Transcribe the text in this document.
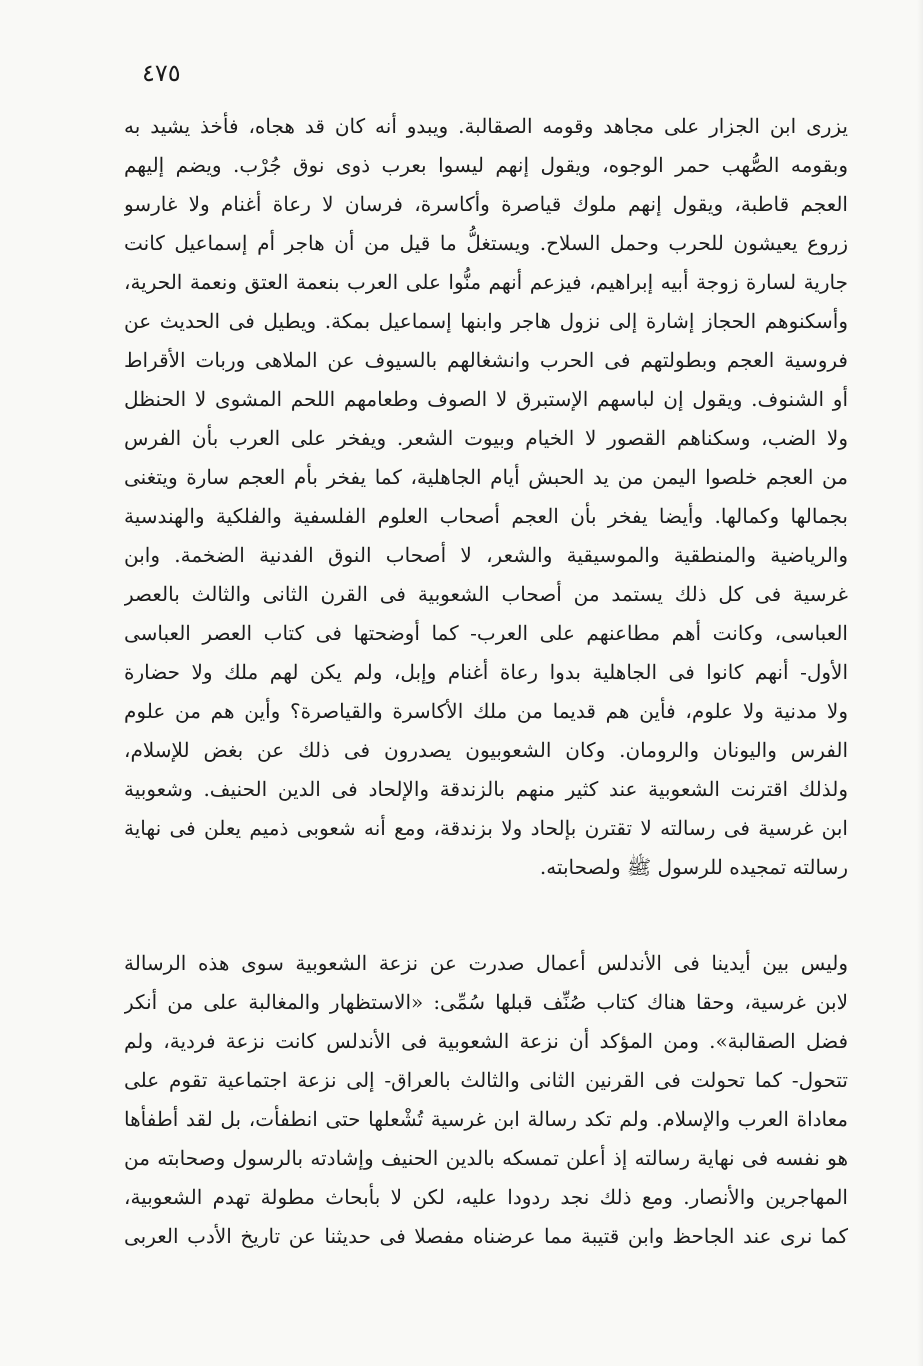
٤٧٥
يزرى ابن الجزار على مجاهد وقومه الصقالبة. ويبدو أنه كان قد هجاه، فأخذ يشيد به
وبقومه الصُّهب حمر الوجوه، ويقول إنهم ليسوا بعرب ذوى نوق جُرْب. ويضم إليهم
العجم قاطبة، ويقول إنهم ملوك قياصرة وأكاسرة، فرسان لا رعاة أغنام ولا غارسو
زروع يعيشون للحرب وحمل السلاح. ويستغلُّ ما قيل من أن هاجر أم إسماعيل كانت
جارية لسارة زوجة أبيه إبراهيم، فيزعم أنهم منُّوا على العرب بنعمة العتق ونعمة الحرية،
وأسكنوهم الحجاز إشارة إلى نزول هاجر وابنها إسماعيل بمكة. ويطيل فى الحديث عن
فروسية العجم وبطولتهم فى الحرب وانشغالهم بالسيوف عن الملاهى وربات الأقراط
أو الشنوف. ويقول إن لباسهم الإستبرق لا الصوف وطعامهم اللحم المشوى لا الحنظل
ولا الضب، وسكناهم القصور لا الخيام وبيوت الشعر. ويفخر على العرب بأن الفرس
من العجم خلصوا اليمن من يد الحبش أيام الجاهلية، كما يفخر بأم العجم سارة ويتغنى
بجمالها وكمالها. وأيضا يفخر بأن العجم أصحاب العلوم الفلسفية والفلكية والهندسية
والرياضية والمنطقية والموسيقية والشعر، لا أصحاب النوق الفدنية الضخمة. وابن
غرسية فى كل ذلك يستمد من أصحاب الشعوبية فى القرن الثانى والثالث بالعصر
العباسى، وكانت أهم مطاعنهم على العرب- كما أوضحتها فى كتاب العصر العباسى
الأول- أنهم كانوا فى الجاهلية بدوا رعاة أغنام وإبل، ولم يكن لهم ملك ولا حضارة
ولا مدنية ولا علوم، فأين هم قديما من ملك الأكاسرة والقياصرة؟ وأين هم من علوم
الفرس واليونان والرومان. وكان الشعوبيون يصدرون فى ذلك عن بغض للإسلام،
ولذلك اقترنت الشعوبية عند كثير منهم بالزندقة والإلحاد فى الدين الحنيف. وشعوبية
ابن غرسية فى رسالته لا تقترن بإلحاد ولا بزندقة، ومع أنه شعوبى ذميم يعلن فى نهاية
رسالته تمجيده للرسول ﷺ ولصحابته.
وليس بين أيدينا فى الأندلس أعمال صدرت عن نزعة الشعوبية سوى هذه الرسالة
لابن غرسية، وحقا هناك كتاب صُنِّف قبلها سُمِّى: «الاستظهار والمغالبة على من أنكر
فضل الصقالبة». ومن المؤكد أن نزعة الشعوبية فى الأندلس كانت نزعة فردية، ولم
تتحول- كما تحولت فى القرنين الثانى والثالث بالعراق- إلى نزعة اجتماعية تقوم على
معاداة العرب والإسلام. ولم تكد رسالة ابن غرسية تُشْعلها حتى انطفأت، بل لقد أطفأها
هو نفسه فى نهاية رسالته إذ أعلن تمسكه بالدين الحنيف وإشادته بالرسول وصحابته من
المهاجرين والأنصار. ومع ذلك نجد ردودا عليه، لكن لا بأبحاث مطولة تهدم الشعوبية،
كما نرى عند الجاحظ وابن قتيبة مما عرضناه مفصلا فى حديثنا عن تاريخ الأدب العربى
